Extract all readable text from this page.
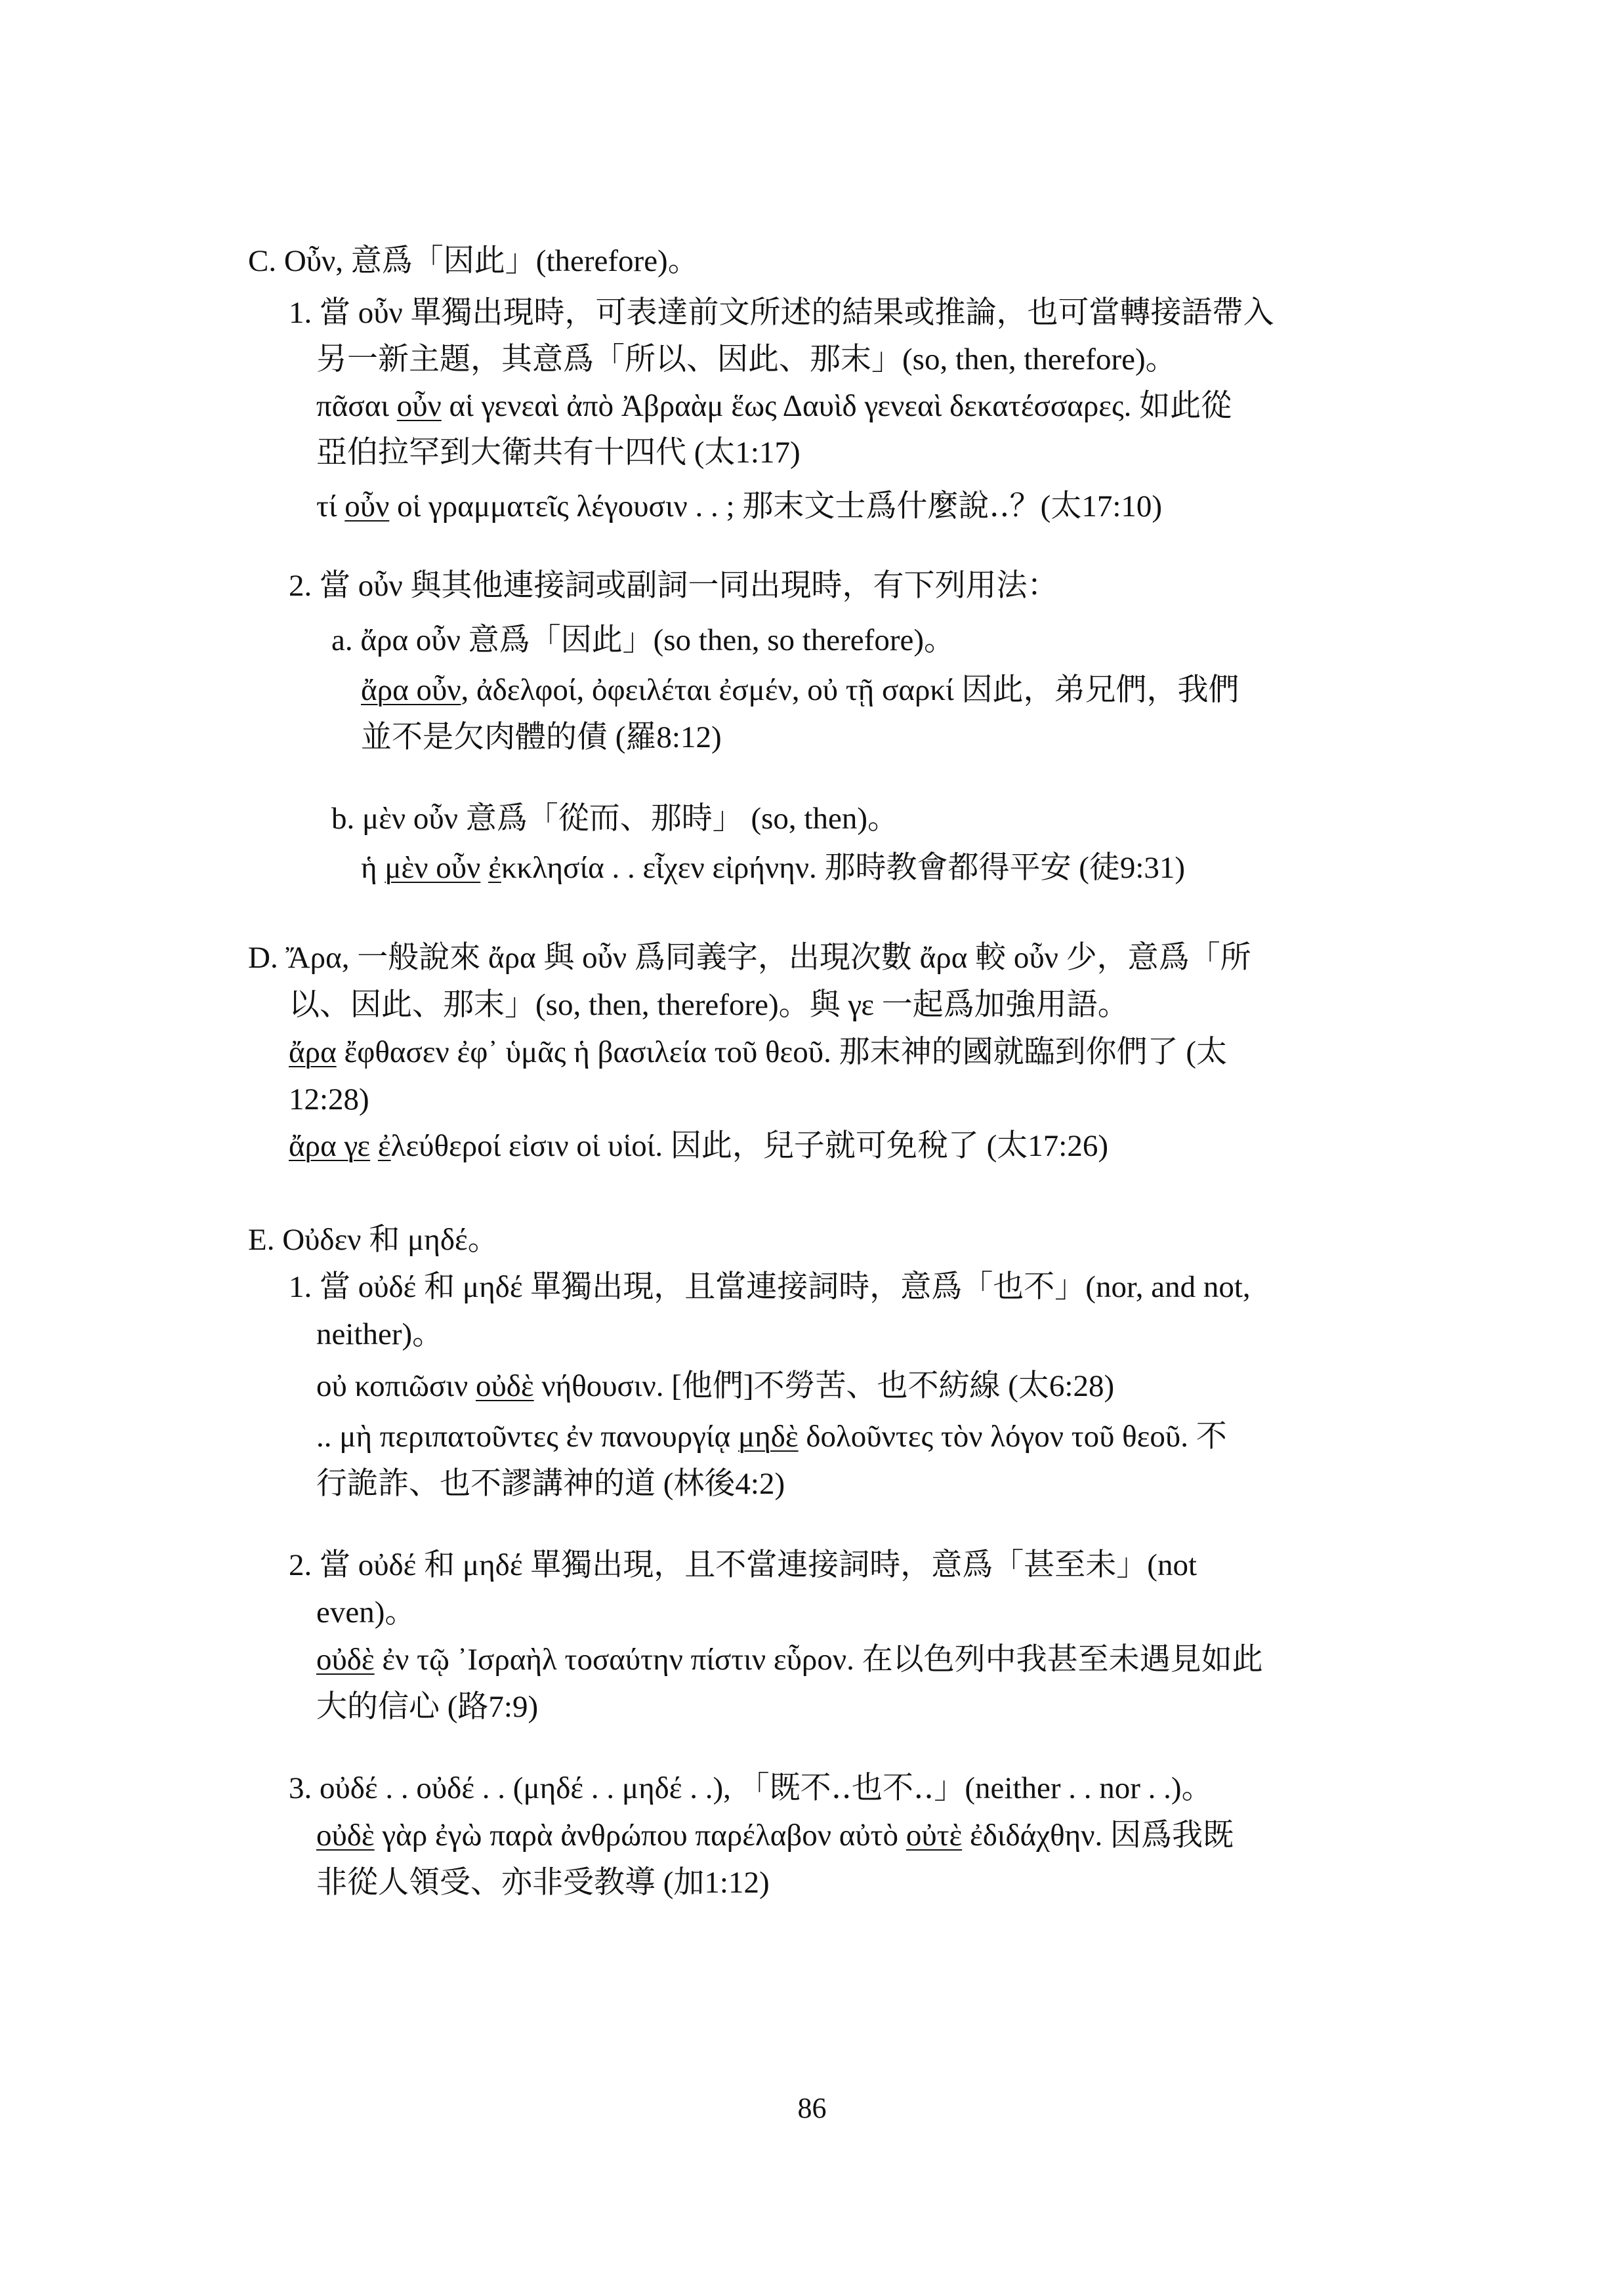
C. Οὖν, 意爲「因此」(therefore)。
1. 當 οὖν 單獨出現時，可表達前文所述的結果或推論，也可當轉接語帶入
另一新主題，其意爲「所以、因此、那末」(so, then, therefore)。
πᾶσαι οὖν αἱ γενεαὶ ἀπὸ Ἀβραὰμ ἕως Δαυὶδ γενεαὶ δεκατέσσαρες. 如此從
亞伯拉罕到大衛共有十四代 (太1:17)
τί οὖν οἱ γραμματεῖς λέγουσιν . . ; 那末文士爲什麼說‥？(太17:10)
2. 當 οὖν 與其他連接詞或副詞一同出現時，有下列用法：
a. ἄρα οὖν 意爲「因此」(so then, so therefore)。
ἄρα οὖν, ἀδελφοί, ὀφειλέται ἐσμέν, οὐ τῇ σαρκί 因此，弟兄們，我們
並不是欠肉體的債 (羅8:12)
b. μὲν οὖν 意爲「從而、那時」 (so, then)。
ἡ μὲν οὖν ἐκκλησία . . εἶχεν εἰρήνην. 那時教會都得平安 (徒9:31)
D. Ἄρα, 一般說來 ἄρα 與 οὖν 爲同義字，出現次數 ἄρα 較 οὖν 少，意爲「所
以、因此、那末」(so, then, therefore)。與 γε 一起爲加強用語。
ἄρα ἔφθασεν ἐφ᾽ ὑμᾶς ἡ βασιλεία τοῦ θεοῦ. 那末神的國就臨到你們了 (太
12:28)
ἄρα γε ἐλεύθεροί εἰσιν οἱ υἱοί. 因此，兒子就可免稅了 (太17:26)
E. Οὐδεν 和 μηδέ。
1. 當 οὐδέ 和 μηδέ 單獨出現，且當連接詞時，意爲「也不」(nor, and not,
neither)。
οὐ κοπιῶσιν οὐδὲ νήθουσιν. [他們]不勞苦、也不紡線 (太6:28)
.. μὴ περιπατοῦντες ἐν πανουργίᾳ μηδὲ δολοῦντες τὸν λόγον τοῦ θεοῦ. 不
行詭詐、也不謬講神的道 (林後4:2)
2. 當 οὐδέ 和 μηδέ 單獨出現，且不當連接詞時，意爲「甚至未」(not
even)。
οὐδὲ ἐν τῷ ᾽Ισραὴλ τοσαύτην πίστιν εὗρον. 在以色列中我甚至未遇見如此
大的信心 (路7:9)
3. οὐδέ . . οὐδέ . . (μηδέ . . μηδέ . .), 「既不‥也不‥」(neither . . nor . .)。
οὐδὲ γὰρ ἐγὼ παρὰ ἀνθρώπου παρέλαβον αὐτὸ οὐτὲ ἐδιδάχθην. 因爲我既
非從人領受、亦非受教導 (加1:12)
86
